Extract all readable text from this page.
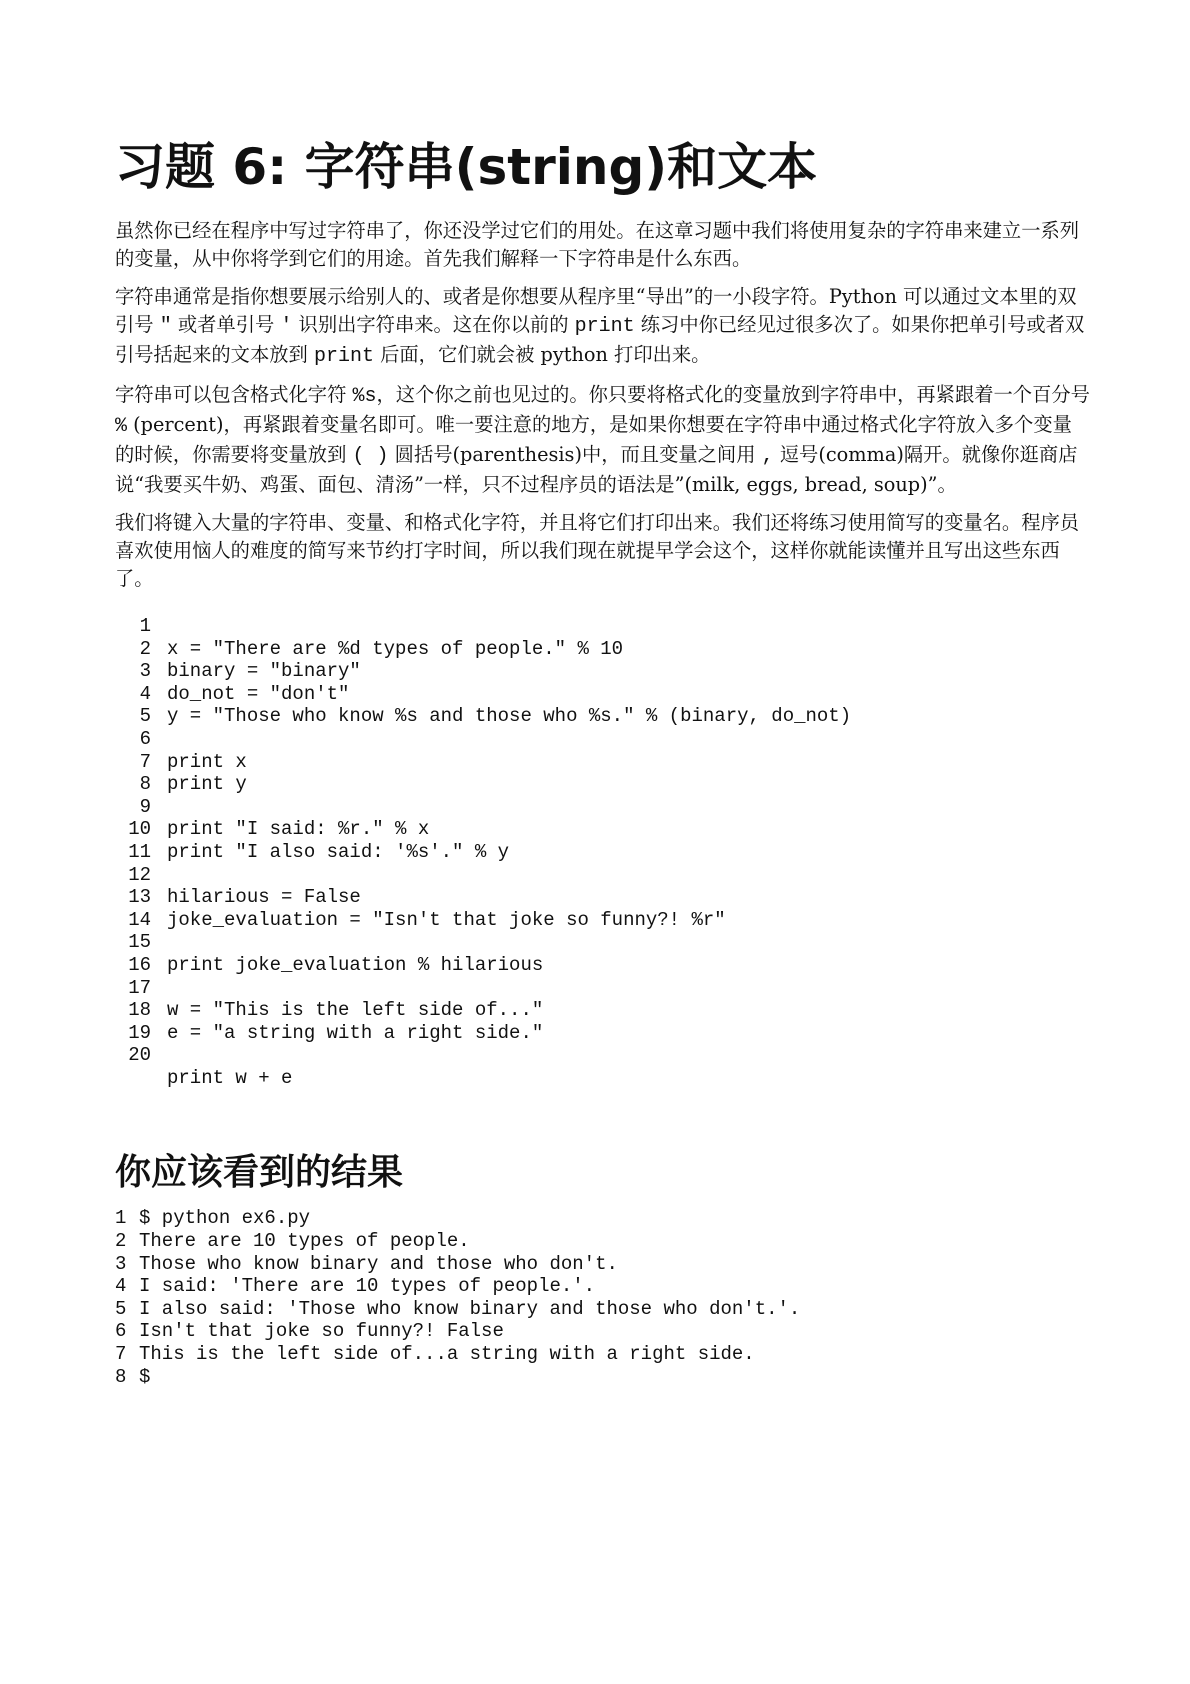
习题 6: 字符串(string)和文本

虽然你已经在程序中写过字符串了，你还没学过它们的用处。在这章习题中我们将使用复杂的字符串来建立一系列的变量，从中你将学到它们的用途。首先我们解释一下字符串是什么东西。

字符串通常是指你想要展示给别人的、或者是你想要从程序里“导出”的一小段字符。Python 可以通过文本里的双引号 " 或者单引号 ' 识别出字符串来。这在你以前的 print 练习中你已经见过很多次了。如果你把单引号或者双引号括起来的文本放到 print 后面，它们就会被 python 打印出来。

字符串可以包含格式化字符 %s，这个你之前也见过的。你只要将格式化的变量放到字符串中，再紧跟着一个百分号 % (percent)，再紧跟着变量名即可。唯一要注意的地方，是如果你想要在字符串中通过格式化字符放入多个变量的时候，你需要将变量放到 ( ) 圆括号(parenthesis)中，而且变量之间用 , 逗号(comma)隔开。就像你逛商店说“我要买牛奶、鸡蛋、面包、清汤”一样，只不过程序员的语法是”(milk, eggs, bread, soup)”。

我们将键入大量的字符串、变量、和格式化字符，并且将它们打印出来。我们还将练习使用简写的变量名。程序员喜欢使用恼人的难度的简写来节约打字时间，所以我们现在就提早学会这个，这样你就能读懂并且写出这些东西了。

1
2 x = "There are %d types of people." % 10
3 binary = "binary"
4 do_not = "don't"
5 y = "Those who know %s and those who %s." % (binary, do_not)
6
7 print x
8 print y
9
10 print "I said: %r." % x
11 print "I also said: '%s'." % y
12
13 hilarious = False
14 joke_evaluation = "Isn't that joke so funny?! %r"
15
16 print joke_evaluation % hilarious
17
18 w = "This is the left side of..."
19 e = "a string with a right side."
20
print w + e
你应该看到的结果
1 $ python ex6.py
2 There are 10 types of people.
3 Those who know binary and those who don't.
4 I said: 'There are 10 types of people.'.
5 I also said: 'Those who know binary and those who don't.'.
6 Isn't that joke so funny?! False
7 This is the left side of...a string with a right side.
8 $
